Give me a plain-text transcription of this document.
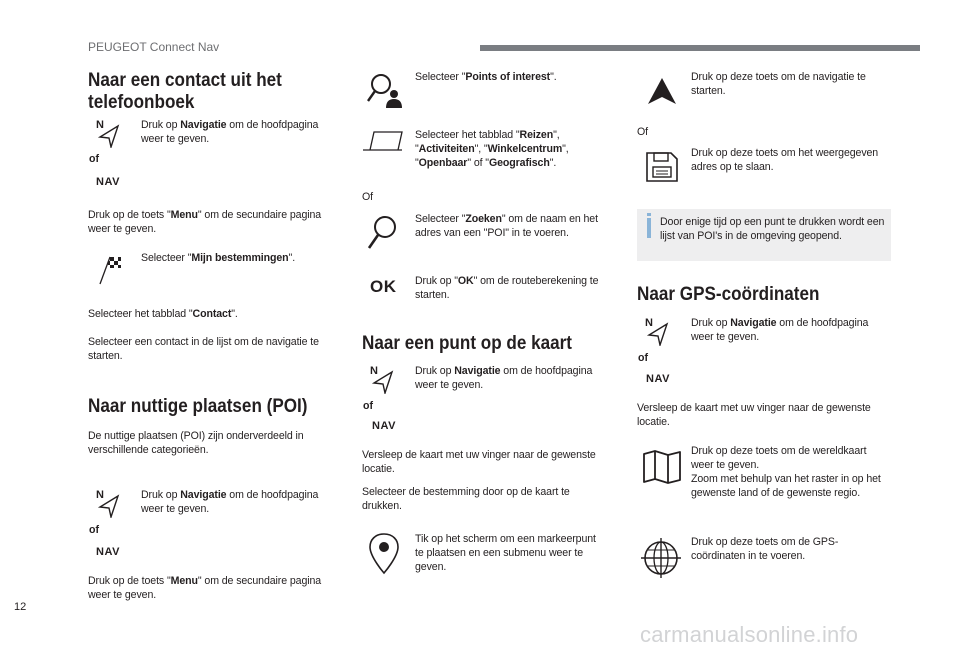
PEUGEOT Connect Nav
Naar een contact uit het telefoonboek
N
of
NAV
Druk op Navigatie om de hoofdpagina weer te geven.
Druk op de toets "Menu" om de secundaire pagina weer te geven.
Selecteer "Mijn bestemmingen".
Selecteer het tabblad "Contact".
Selecteer een contact in de lijst om de navigatie te starten.
Naar nuttige plaatsen (POI)
De nuttige plaatsen (POI) zijn onderverdeeld in verschillende categorieën.
N
of
NAV
Druk op Navigatie om de hoofdpagina weer te geven.
Druk op de toets "Menu" om de secundaire pagina weer te geven.
Selecteer "Points of interest".
Selecteer het tabblad "Reizen", "Activiteiten", "Winkelcentrum", "Openbaar" of "Geografisch".
Of
Selecteer "Zoeken" om de naam en het adres van een "POI" in te voeren.
OK Druk op "OK" om de routeberekening te starten.
Naar een punt op de kaart
N
of
NAV
Druk op Navigatie om de hoofdpagina weer te geven.
Versleep de kaart met uw vinger naar de gewenste locatie.
Selecteer de bestemming door op de kaart te drukken.
Tik op het scherm om een markeerpunt te plaatsen en een submenu weer te geven.
Druk op deze toets om de navigatie te starten.
Of
Druk op deze toets om het weergegeven adres op te slaan.
Door enige tijd op een punt te drukken wordt een lijst van POI's in de omgeving geopend.
Naar GPS-coördinaten
N
of
NAV
Druk op Navigatie om de hoofdpagina weer te geven.
Versleep de kaart met uw vinger naar de gewenste locatie.
Druk op deze toets om de wereldkaart weer te geven.
Zoom met behulp van het raster in op het gewenste land of de gewenste regio.
Druk op deze toets om de GPS-coördinaten in te voeren.
12
carmanualsonline.info
